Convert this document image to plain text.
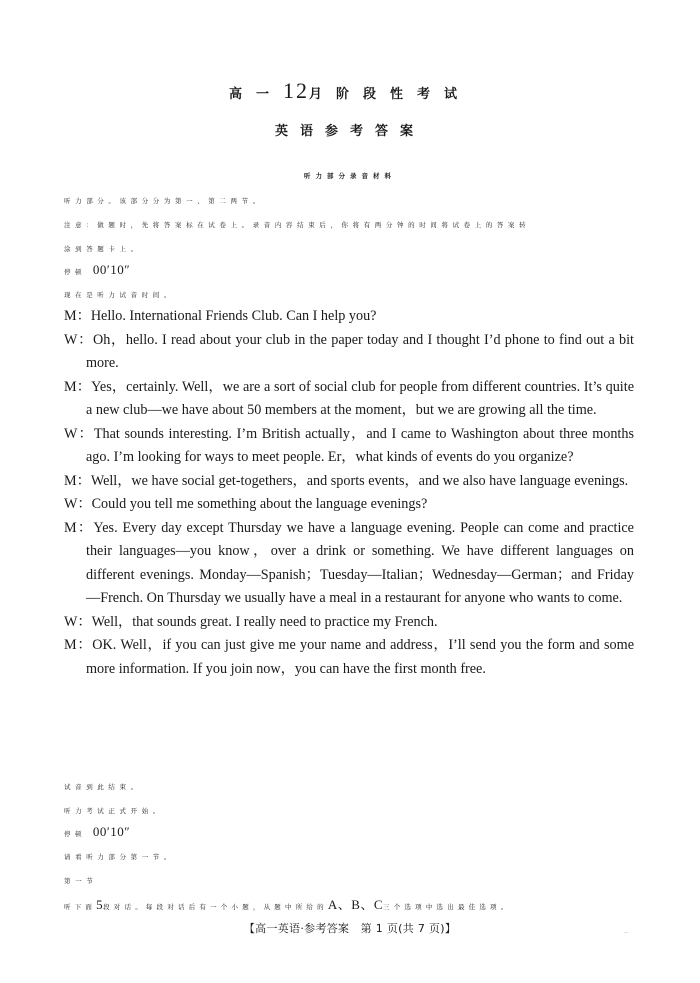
高一12月阶段性考试
英语参考答案
听力部分录音材料
听力部分。该部分分为第一、第二两节。
注意：做题时，先将答案标在试卷上。录音内容结束后，你将有两分钟的时间将试卷上的答案转
涂到答题卡上。
停顿 00′10″
现在是听力试音时间。

M：Hello. International Friends Club. Can I help you?

W：Oh，hello. I read about your club in the paper today and I thought I’d phone to find out a bit more.

M：Yes，certainly. Well，we are a sort of social club for people from different countries. It’s quite a new club—we have about 50 members at the moment，but we are growing all the time.

W：That sounds interesting. I’m British actually，and I came to Washington about three months ago. I’m looking for ways to meet people. Er，what kinds of events do you organize?

M：Well，we have social get-togethers，and sports events，and we also have language evenings.

W：Could you tell me something about the language evenings?

M：Yes. Every day except Thursday we have a language evening. People can come and practice their languages—you know，over a drink or something. We have different languages on different evenings. Monday—Spanish；Tuesday—Italian；Wednesday—German；and Friday—French. On Thursday we usually have a meal in a restaurant for anyone who wants to come.

W：Well，that sounds great. I really need to practice my French.

M：OK. Well，if you can just give me your name and address，I’ll send you the form and some more information. If you join now，you can have the first month free.

试音到此结束。
听力考试正式开始。
停顿 00′10″
请看听力部分第一节。
第一节
听下面5段对话。每段对话后有一个小题，从题中所给的A、B、C三个选项中选出最佳选项。
【高一英语·参考答案　第 1 页(共 7 页)】	··
